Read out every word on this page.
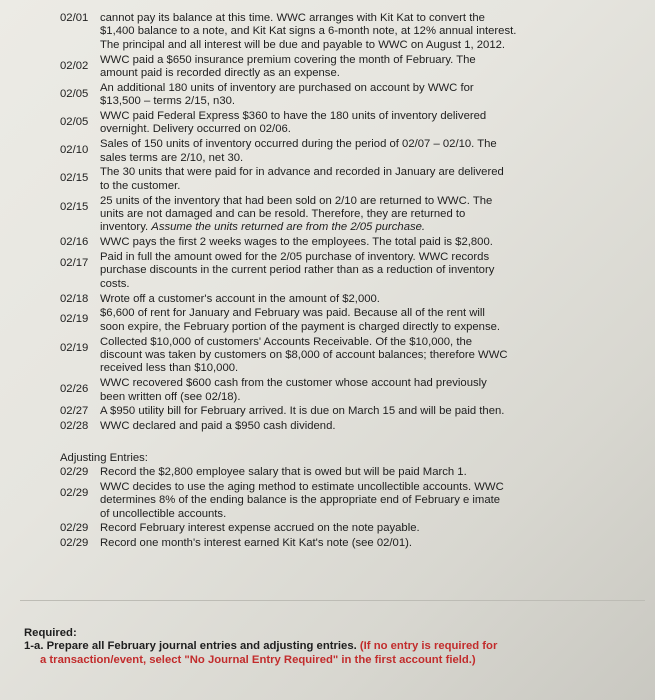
02/01	cannot pay its balance at this time. WWC arranges with Kit Kat to convert the
$1,400 balance to a note, and Kit Kat signs a 6-month note, at 12% annual interest.
The principal and all interest will be due and payable to WWC on August 1, 2012.
02/02	WWC paid a $650 insurance premium covering the month of February. The
amount paid is recorded directly as an expense.
02/05	An additional 180 units of inventory are purchased on account by WWC for
$13,500 – terms 2/15, n30.
02/05	WWC paid Federal Express $360 to have the 180 units of inventory delivered
overnight. Delivery occurred on 02/06.
02/10	Sales of 150 units of inventory occurred during the period of 02/07 – 02/10. The
sales terms are 2/10, net 30.
02/15	The 30 units that were paid for in advance and recorded in January are delivered
to the customer.
02/15	25 units of the inventory that had been sold on 2/10 are returned to WWC. The
units are not damaged and can be resold. Therefore, they are returned to
inventory. Assume the units returned are from the 2/05 purchase.
02/16	WWC pays the first 2 weeks wages to the employees. The total paid is $2,800.
02/17	Paid in full the amount owed for the 2/05 purchase of inventory. WWC records
purchase discounts in the current period rather than as a reduction of inventory
costs.
02/18	Wrote off a customer's account in the amount of $2,000.
02/19	$6,600 of rent for January and February was paid. Because all of the rent will
soon expire, the February portion of the payment is charged directly to expense.
02/19	Collected $10,000 of customers' Accounts Receivable. Of the $10,000, the
discount was taken by customers on $8,000 of account balances; therefore WWC
received less than $10,000.
02/26	WWC recovered $600 cash from the customer whose account had previously
been written off (see 02/18).
02/27	A $950 utility bill for February arrived. It is due on March 15 and will be paid then.
02/28	WWC declared and paid a $950 cash dividend.
Adjusting Entries:
02/29	Record the $2,800 employee salary that is owed but will be paid March 1.
02/29	WWC decides to use the aging method to estimate uncollectible accounts. WWC
determines 8% of the ending balance is the appropriate end of February e imate
of uncollectible accounts.
02/29	Record February interest expense accrued on the note payable.
02/29	Record one month's interest earned Kit Kat's note (see 02/01).
Required:
1-a. Prepare all February journal entries and adjusting entries. (If no entry is required for
a transaction/event, select "No Journal Entry Required" in the first account field.)
